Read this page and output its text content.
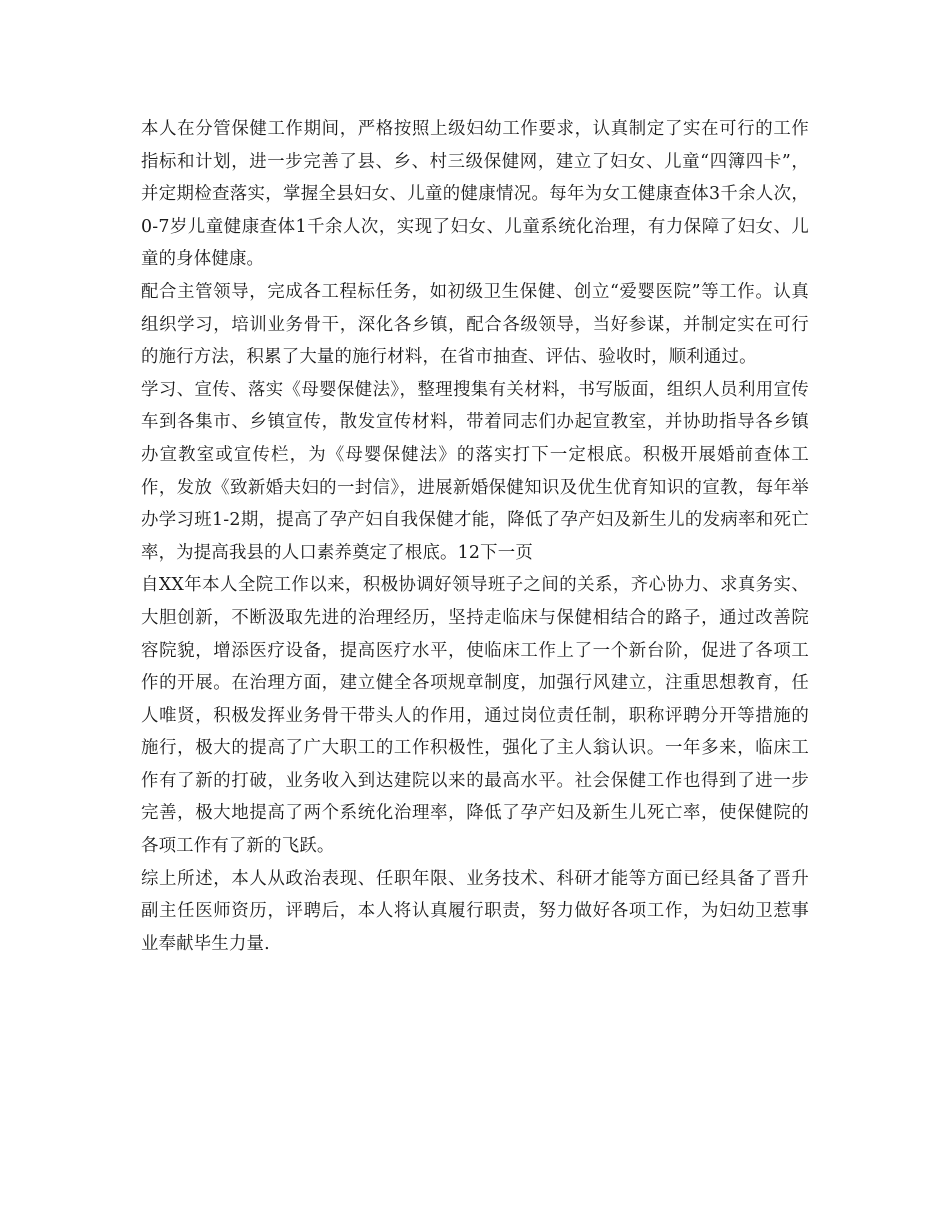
本人在分管保健工作期间，严格按照上级妇幼工作要求，认真制定了实在可行的工作指标和计划，进一步完善了县、乡、村三级保健网，建立了妇女、儿童“四簿四卡”，并定期检查落实，掌握全县妇女、儿童的健康情况。每年为女工健康查体3千余人次，0-7岁儿童健康查体1千余人次，实现了妇女、儿童系统化治理，有力保障了妇女、儿童的身体健康。

配合主管领导，完成各工程标任务，如初级卫生保健、创立“爱婴医院”等工作。认真组织学习，培训业务骨干，深化各乡镇，配合各级领导，当好参谋，并制定实在可行的施行方法，积累了大量的施行材料，在省市抽查、评估、验收时，顺利通过。

学习、宣传、落实《母婴保健法》，整理搜集有关材料，书写版面，组织人员利用宣传车到各集市、乡镇宣传，散发宣传材料，带着同志们办起宣教室，并协助指导各乡镇办宣教室或宣传栏，为《母婴保健法》的落实打下一定根底。积极开展婚前查体工作，发放《致新婚夫妇的一封信》，进展新婚保健知识及优生优育知识的宣教，每年举办学习班1-2期，提高了孕产妇自我保健才能，降低了孕产妇及新生儿的发病率和死亡率，为提高我县的人口素养奠定了根底。12下一页

自XX年本人全院工作以来，积极协调好领导班子之间的关系，齐心协力、求真务实、大胆创新，不断汲取先进的治理经历，坚持走临床与保健相结合的路子，通过改善院容院貌，增添医疗设备，提高医疗水平，使临床工作上了一个新台阶，促进了各项工作的开展。在治理方面，建立健全各项规章制度，加强行风建立，注重思想教育，任人唯贤，积极发挥业务骨干带头人的作用，通过岗位责任制，职称评聘分开等措施的施行，极大的提高了广大职工的工作积极性，强化了主人翁认识。一年多来，临床工作有了新的打破，业务收入到达建院以来的最高水平。社会保健工作也得到了进一步完善，极大地提高了两个系统化治理率，降低了孕产妇及新生儿死亡率，使保健院的各项工作有了新的飞跃。

综上所述，本人从政治表现、任职年限、业务技术、科研才能等方面已经具备了晋升副主任医师资历，评聘后，本人将认真履行职责，努力做好各项工作，为妇幼卫惹事业奉献毕生力量.
